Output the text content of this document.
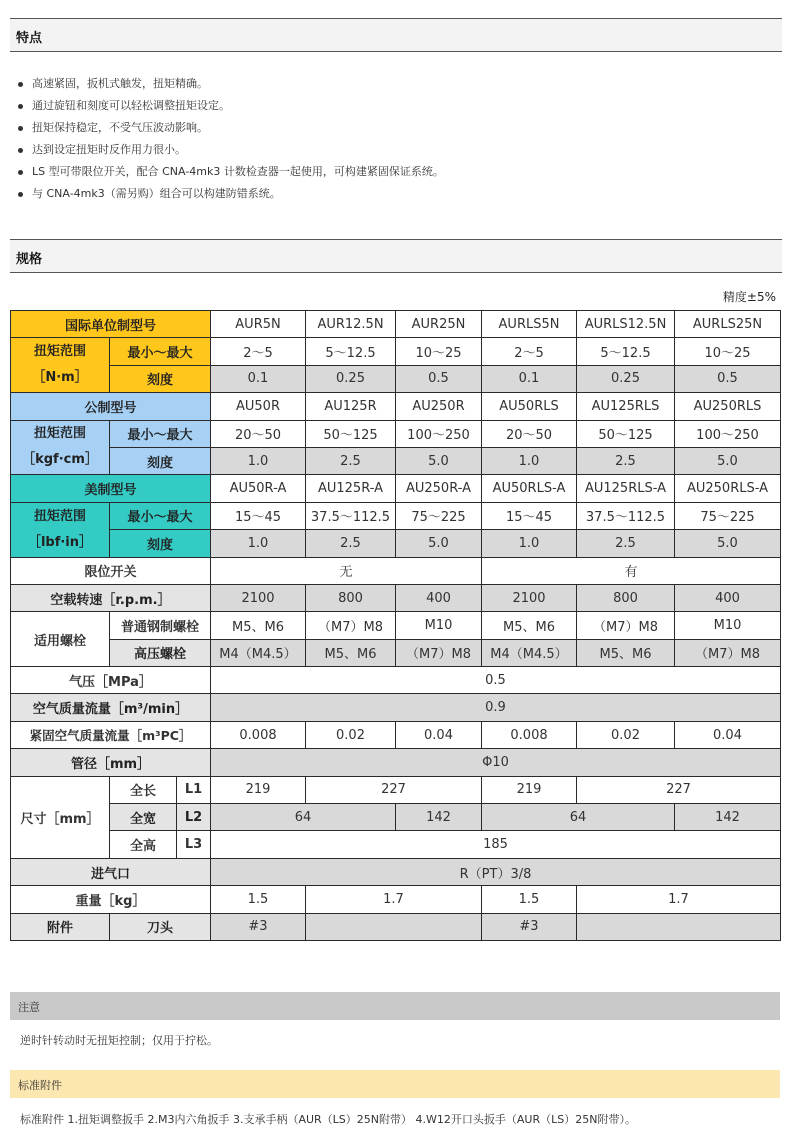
特点
高速紧固，扳机式触发，扭矩精确。
通过旋钮和刻度可以轻松调整扭矩设定。
扭矩保持稳定，不受气压波动影响。
达到设定扭矩时反作用力很小。
LS 型可带限位开关，配合 CNA-4mk3 计数检查器一起使用，可构建紧固保证系统。
与 CNA-4mk3（需另购）组合可以构建防错系统。
规格
精度±5%
国际单位制型号			AUR5N	AUR12.5N	AUR25N	AURLS5N	AURLS12.5N	AURLS25N

扭矩范围
［N·m］	最小～最大		2～5	5～12.5	10～25	2～5	5～12.5	10～25
	刻度		0.1	0.25	0.5	0.1	0.25	0.5
公制型号			AU50R	AU125R	AU250R	AU50RLS	AU125RLS	AU250RLS

扭矩范围
［kgf·cm］	最小～最大		20～50	50～125	100～250	20～50	50～125	100～250
	刻度		1.0	2.5	5.0	1.0	2.5	5.0
美制型号			AU50R-A	AU125R-A	AU250R-A	AU50RLS-A	AU125RLS-A	AU250RLS-A

扭矩范围
［lbf·in］	最小～最大		15～45	37.5～112.5	75～225	15～45	37.5～112.5	75～225
	刻度		1.0	2.5	5.0	1.0	2.5	5.0
限位开关			无			有		
空载转速［r.p.m.］			2100	800	400	2100	800	400
适用螺栓	普通钢制螺栓		M5、M6	（M7）M8	M10	M5、M6	（M7）M8	M10
	高压螺栓		M4（M4.5）	M5、M6	（M7）M8	M4（M4.5）	M5、M6	（M7）M8
气压［MPa］			0.5					
空气质量流量［m³/min］			0.9					
紧固空气质量流量［m³PC］			0.008	0.02	0.04	0.008	0.02	0.04
管径［mm］			Φ10					
尺寸［mm］	全长	L1	219	227		219	227	
	全宽	L2	64		142	64		142
	全高	L3	185					
进气口			R（PT）3/8					
重量［kg］			1.5	1.7		1.5	1.7	
附件	刀头		#3			#3		
注意
逆时针转动时无扭矩控制；仅用于拧松。
标准附件
标准附件 1.扭矩调整扳手 2.M3内六角扳手 3.支承手柄（AUR（LS）25N附带） 4.W12开口头扳手（AUR（LS）25N附带）。
